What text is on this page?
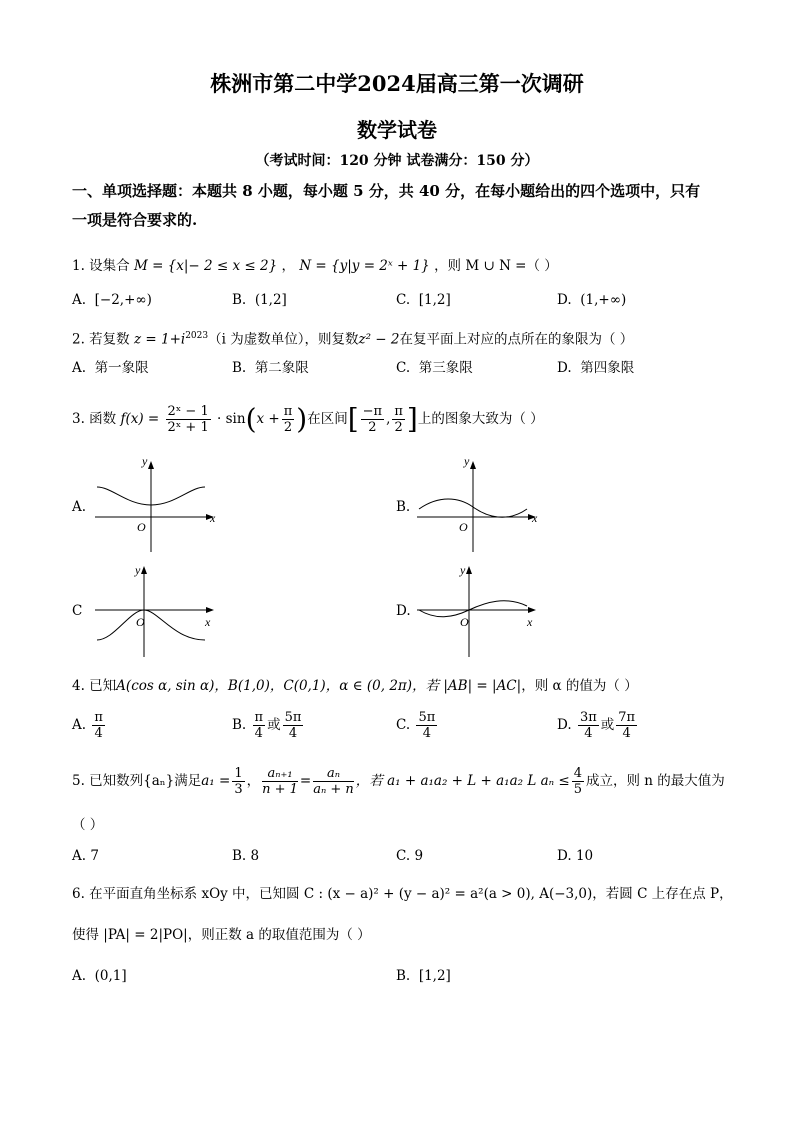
株洲市第二中学2024届高三第一次调研
数学试卷
（考试时间：120 分钟 试卷满分：150 分）
一、单项选择题：本题共 8 小题，每小题 5 分，共 40 分，在每小题给出的四个选项中，只有
一项是符合要求的.
1. 设集合 M = {x|− 2 ≤ x ≤ 2} ， N = {y|y = 2ˣ + 1} ，则 M ∪ N =（ ）
A. [−2,+∞)	B. (1,2]	C. [1,2]	D. (1,+∞)
2. 若复数 $z = 1+i^{2023}(i$ 为虚数单位），则复数z² − 2在复平面上对应的点所在的象限为（ ）
A. 第一象限	B. 第二象限	C. 第三象限	D. 第四象限
3. 函数 $f(x) = \frac{\text{2ˣ − 1}}{\text{2ˣ + 1}} \cdot \sin(x + \frac{\pi}{2}$ )在区间[ $\frac{-\pi}{2}$ , $\frac{\pi}{2}$ ]上的图象大致为（ ）
A.
y
x
O
B.
y
x
O
C
y
x
O
D.
y
x
O
4. 已知A(cos α, sin α)，B(1,0)，C(0,1)，α ∈ (0, 2π)，若 |AB| = |AC|，则 α 的值为（ ）
A. $\frac{\pi}{4}$	B. $\frac{\pi}{4}$ 或 $\frac{5\pi}{4}$	C. $\frac{5\pi}{4}$	D. $\frac{3\pi}{4}$ 或 $\frac{7\pi}{4}$
5. 已知数列{aₙ}满足$a_1 = \frac{1}{3}$ ， $\frac{\text{aₙ₊₁}}{n + 1} = \frac{\text{aₙ}}{\text{aₙ + n}}$ ，若 a₁ + a₁a₂ + L + a₁a₂ L $a_n \le \frac{4}{5}$ 成立，则 n 的最大值为
（ ）
A. 7	B. 8	C. 9	D. 10
6. 在平面直角坐标系 xOy 中，已知圆 C : (x − a)² + (y − a)² = a²(a > 0), A(−3,0)，若圆 C 上存在点 P，
使得 |PA| = 2|PO|，则正数 a 的取值范围为（ ）
A. (0,1]	B. [1,2]
